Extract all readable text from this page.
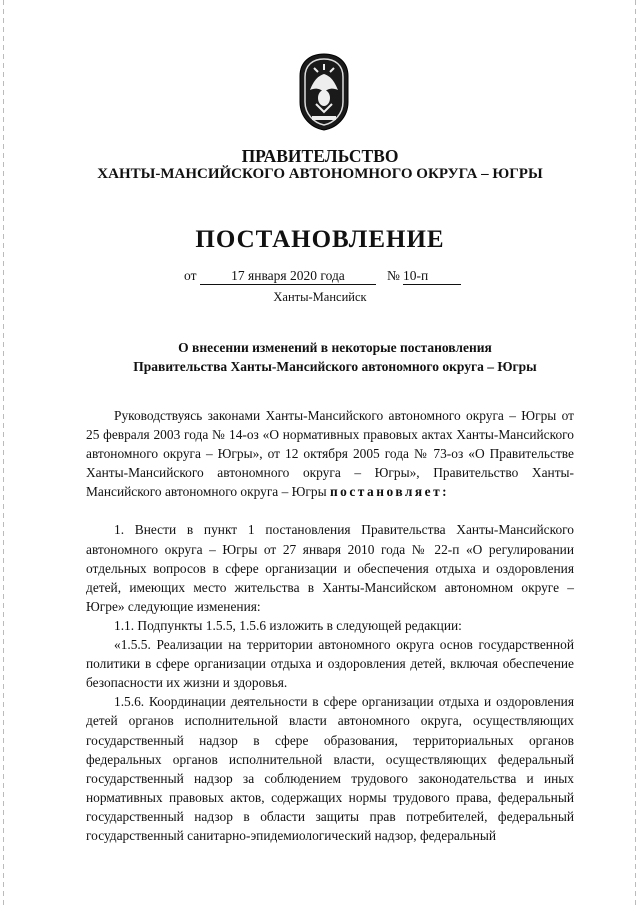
ПРАВИТЕЛЬСТВО
ХАНТЫ-МАНСИЙСКОГО АВТОНОМНОГО ОКРУГА – ЮГРЫ
ПОСТАНОВЛЕНИЕ
от	17 января 2020 года	№ 10-п
Ханты-Мансийск
О внесении изменений в некоторые постановления
Правительства Ханты-Мансийского автономного округа – Югры

Руководствуясь законами Ханты-Мансийского автономного округа – Югры от 25 февраля 2003 года № 14-оз «О нормативных правовых актах Ханты-Мансийского автономного округа – Югры», от 12 октября 2005 года № 73-оз «О Правительстве Ханты-Мансийского автономного округа – Югры», Правительство Ханты-Мансийского автономного округа – Югры постановляет:

1. Внести в пункт 1 постановления Правительства Ханты-Мансийского автономного округа – Югры от 27 января 2010 года № 22-п «О регулировании отдельных вопросов в сфере организации и обеспечения отдыха и оздоровления детей, имеющих место жительства в Ханты-Мансийском автономном округе – Югре» следующие изменения:

1.1. Подпункты 1.5.5, 1.5.6 изложить в следующей редакции:

«1.5.5. Реализации на территории автономного округа основ государственной политики в сфере организации отдыха и оздоровления детей, включая обеспечение безопасности их жизни и здоровья.

1.5.6. Координации деятельности в сфере организации отдыха и оздоровления детей органов исполнительной власти автономного округа, осуществляющих государственный надзор в сфере образования, территориальных органов федеральных органов исполнительной власти, осуществляющих федеральный государственный надзор за соблюдением трудового законодательства и иных нормативных правовых актов, содержащих нормы трудового права, федеральный государственный надзор в области защиты прав потребителей, федеральный государственный санитарно-эпидемиологический надзор, федеральный
